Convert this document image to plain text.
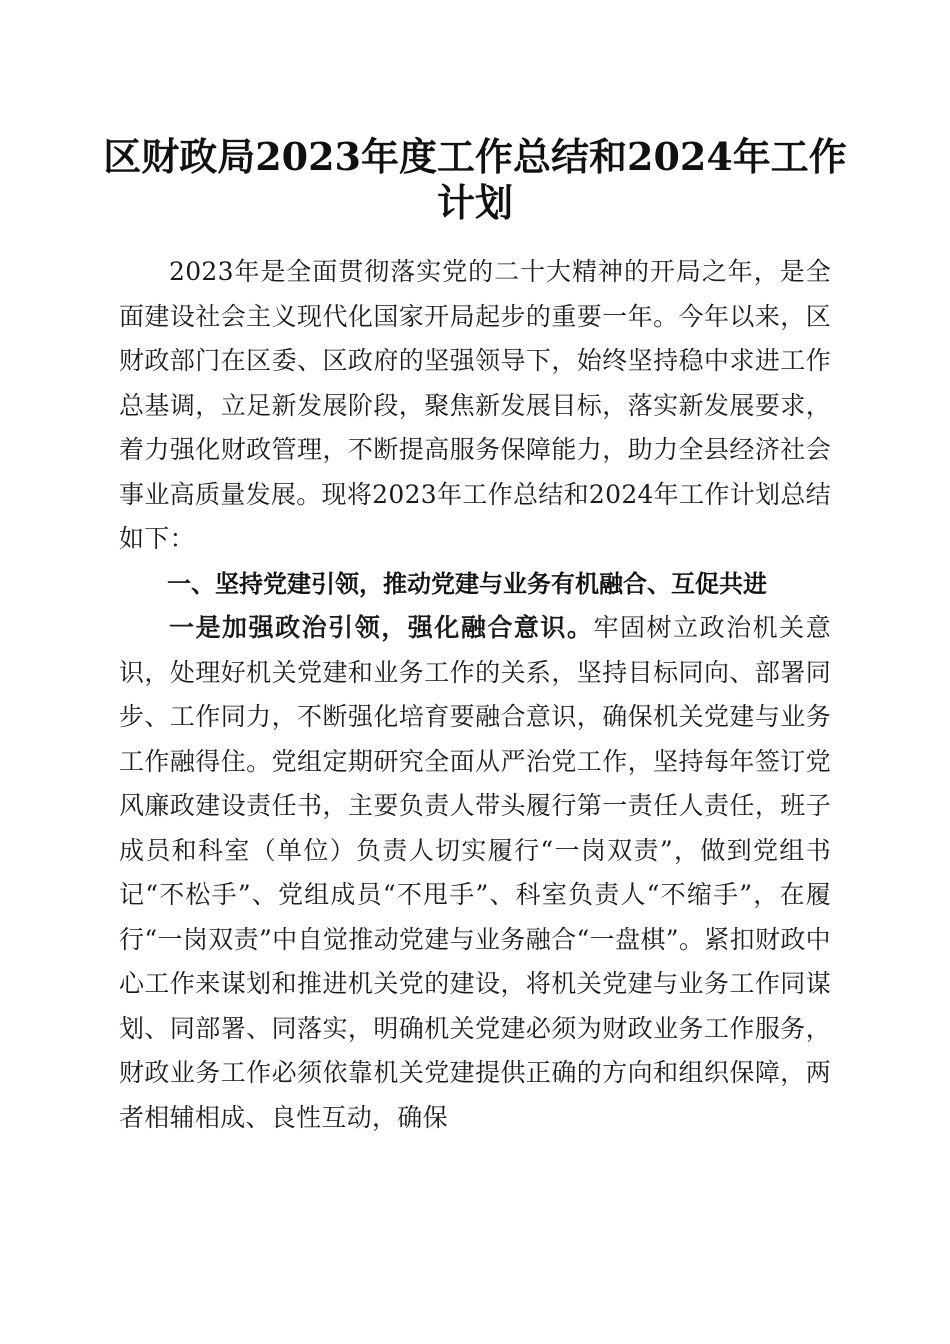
区财政局2023年度工作总结和2024年工作计划

2023年是全面贯彻落实党的二十大精神的开局之年，是全面建设社会主义现代化国家开局起步的重要一年。今年以来，区财政部门在区委、区政府的坚强领导下，始终坚持稳中求进工作总基调，立足新发展阶段，聚焦新发展目标，落实新发展要求，着力强化财政管理，不断提高服务保障能力，助力全县经济社会事业高质量发展。现将2023年工作总结和2024年工作计划总结如下：

一、坚持党建引领，推动党建与业务有机融合、互促共进

一是加强政治引领，强化融合意识。牢固树立政治机关意识，处理好机关党建和业务工作的关系，坚持目标同向、部署同步、工作同力，不断强化培育要融合意识，确保机关党建与业务工作融得住。党组定期研究全面从严治党工作，坚持每年签订党风廉政建设责任书，主要负责人带头履行第一责任人责任，班子成员和科室（单位）负责人切实履行“一岗双责”，做到党组书记“不松手”、党组成员“不甩手”、科室负责人“不缩手”，在履行“一岗双责”中自觉推动党建与业务融合“一盘棋”。紧扣财政中心工作来谋划和推进机关党的建设，将机关党建与业务工作同谋划、同部署、同落实，明确机关党建必须为财政业务工作服务，财政业务工作必须依靠机关党建提供正确的方向和组织保障，两者相辅相成、良性互动，确保
